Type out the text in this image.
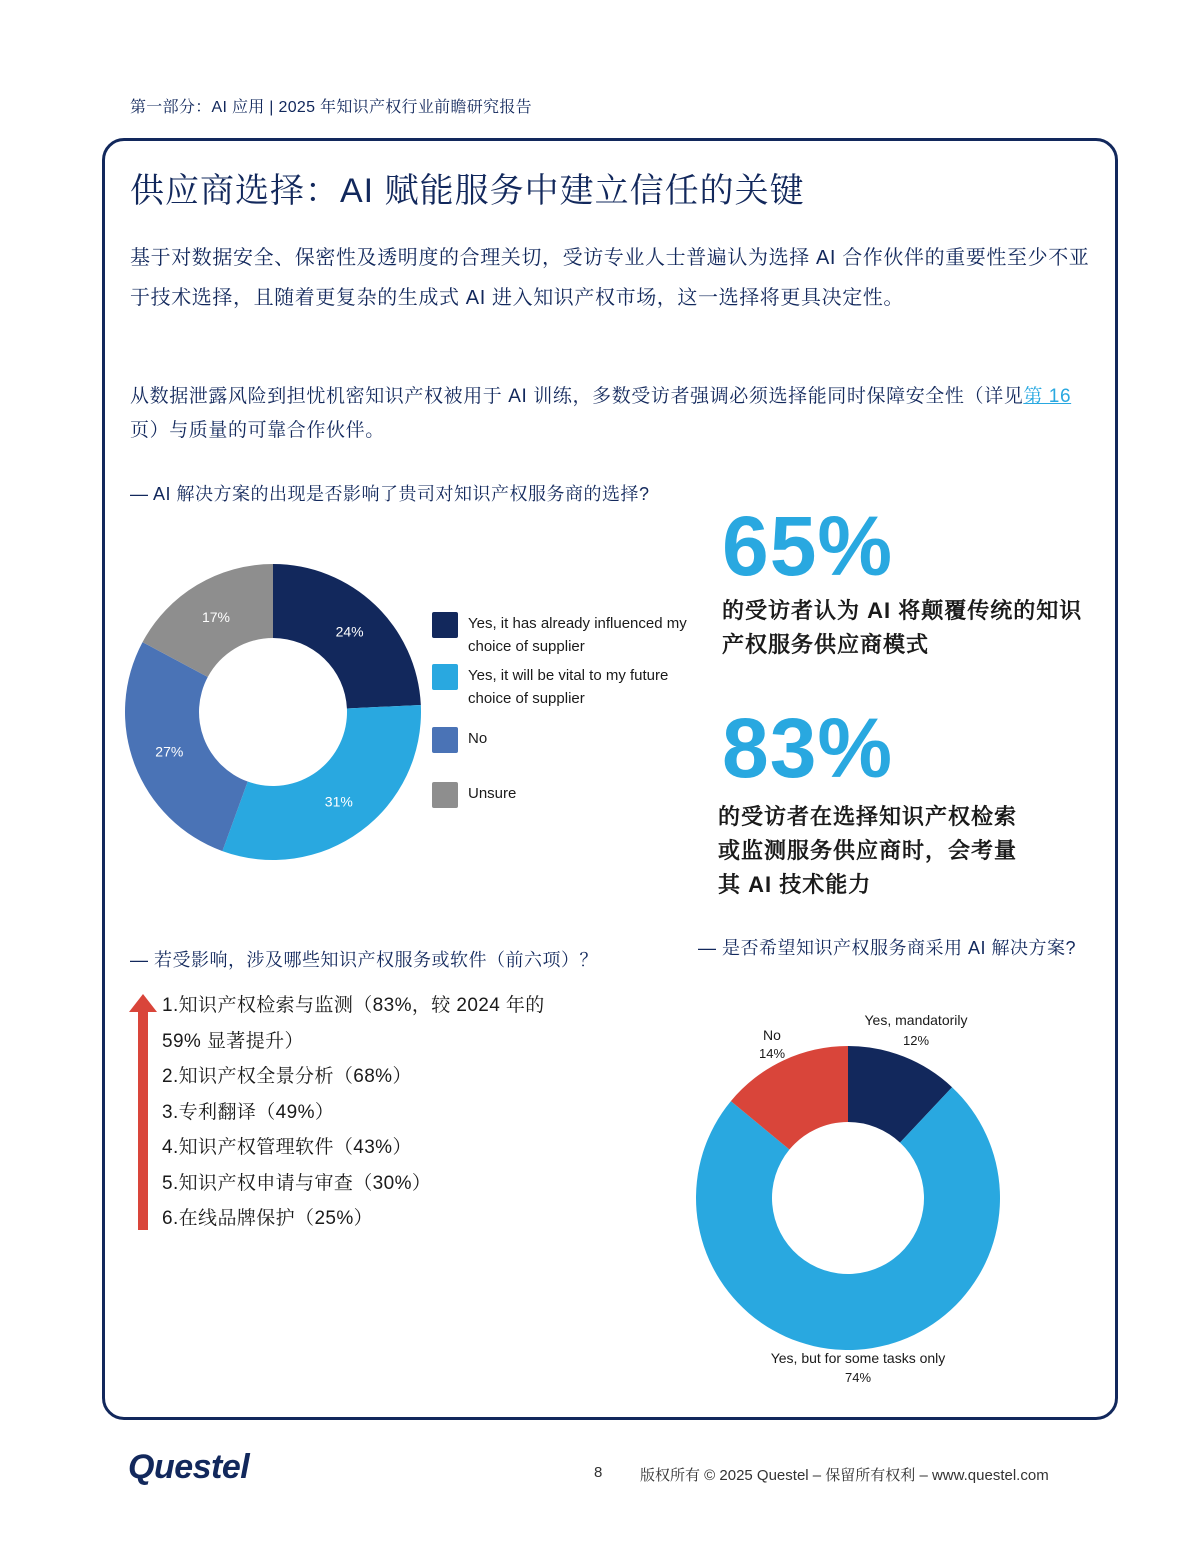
第一部分：AI 应用 | 2025 年知识产权行业前瞻研究报告
供应商选择：AI 赋能服务中建立信任的关键
基于对数据安全、保密性及透明度的合理关切，受访专业人士普遍认为选择 AI 合作伙伴的重要性至少不亚于技术选择，且随着更复杂的生成式 AI 进入知识产权市场，这一选择将更具决定性。
从数据泄露风险到担忧机密知识产权被用于 AI 训练，多数受访者强调必须选择能同时保障安全性（详见第 16页）与质量的可靠合作伙伴。
— AI 解决方案的出现是否影响了贵司对知识产权服务商的选择?
24%
31%
27%
17%	Yes, it has already influenced my choice of supplier
Yes, it will be vital to my future choice of supplier
No
Unsure
65%
的受访者认为 AI 将颠覆传统的知识产权服务供应商模式
83%
的受访者在选择知识产权检索或监测服务供应商时，会考量其 AI 技术能力
— 若受影响，涉及哪些知识产权服务或软件（前六项）？
1.知识产权检索与监测（83%，较 2024 年的 59% 显著提升）
2.知识产权全景分析（68%）
3.专利翻译（49%）
4.知识产权管理软件（43%）
5.知识产权申请与审查（30%）
6.在线品牌保护（25%）
— 是否希望知识产权服务商采用 AI 解决方案?
Yes, mandatorily
12%
No
14%
Yes, but for some tasks only
74%
Questel	8	版权所有 © 2025 Questel – 保留所有权利 – www.questel.com
